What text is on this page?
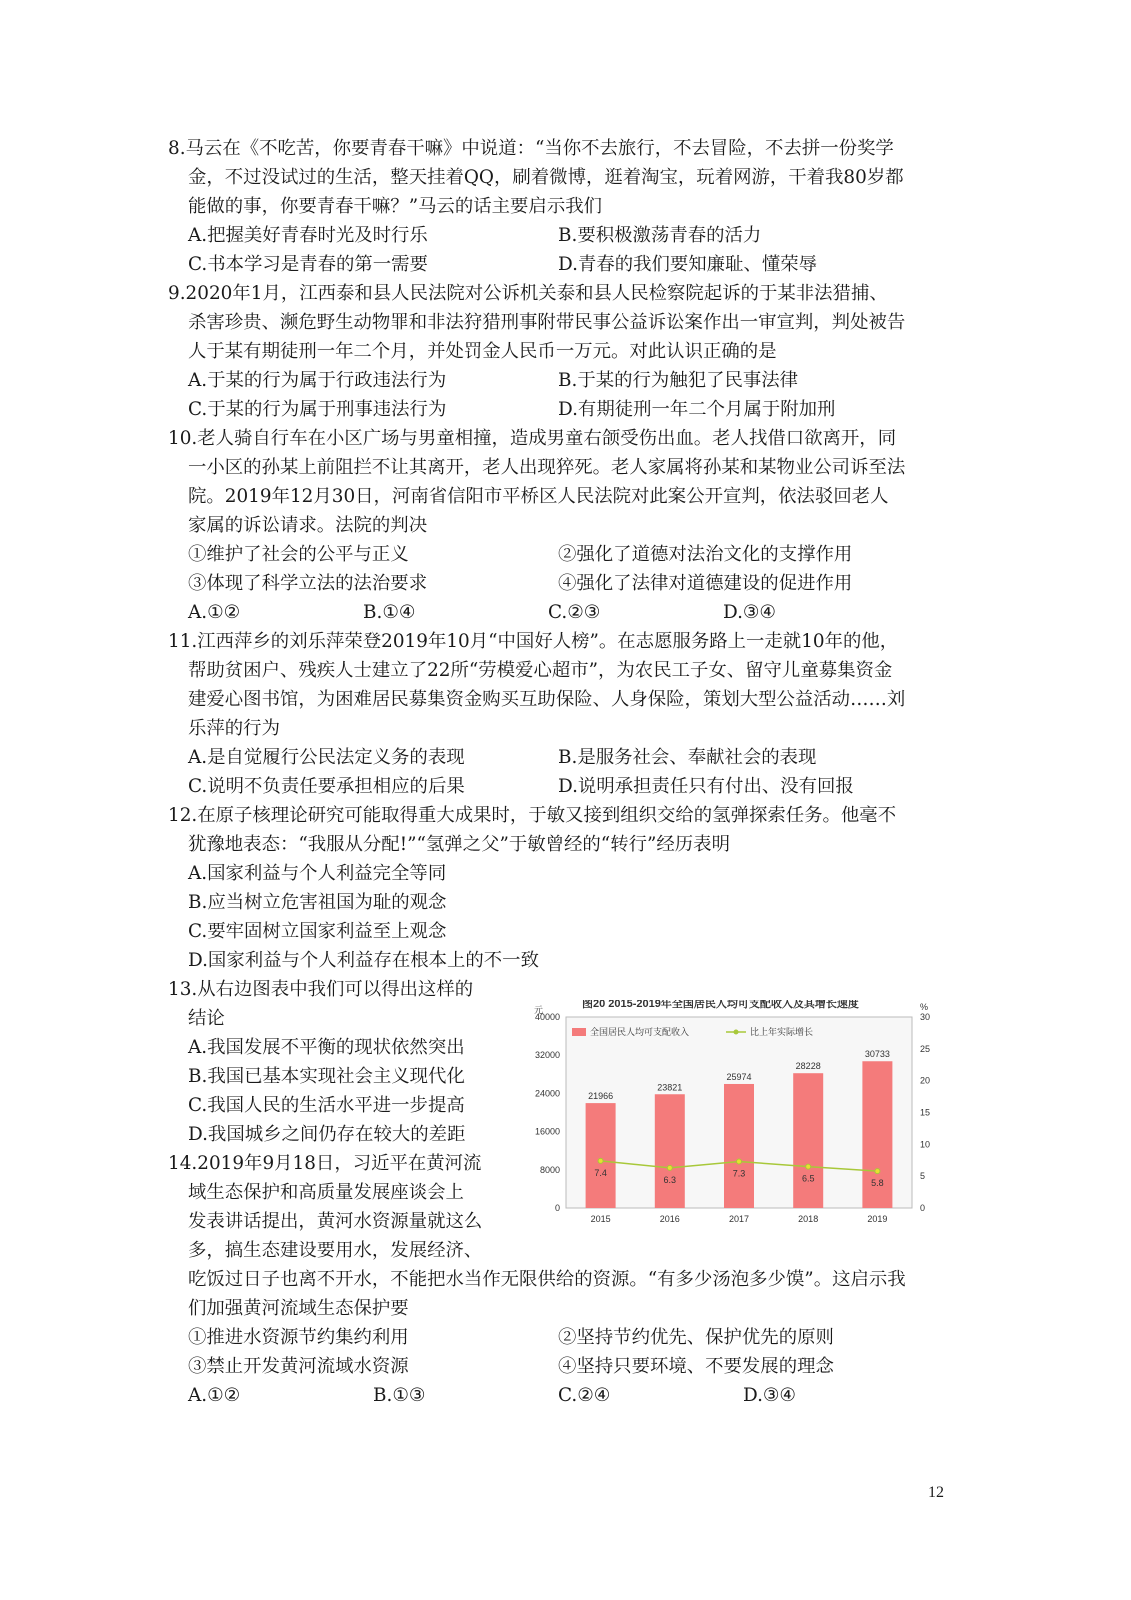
8.马云在《不吃苦，你要青春干嘛》中说道：“当你不去旅行，不去冒险，不去拼一份奖学
金，不过没试过的生活，整天挂着QQ，刷着微博，逛着淘宝，玩着网游，干着我80岁都
能做的事，你要青春干嘛？”马云的话主要启示我们
A.把握美好青春时光及时行乐	B.要积极激荡青春的活力
C.书本学习是青春的第一需要	D.青春的我们要知廉耻、懂荣辱
9.2020年1月，江西泰和县人民法院对公诉机关泰和县人民检察院起诉的于某非法猎捕、
杀害珍贵、濒危野生动物罪和非法狩猎刑事附带民事公益诉讼案作出一审宣判，判处被告
人于某有期徒刑一年二个月，并处罚金人民币一万元。对此认识正确的是
A.于某的行为属于行政违法行为	B.于某的行为触犯了民事法律
C.于某的行为属于刑事违法行为	D.有期徒刑一年二个月属于附加刑
10.老人骑自行车在小区广场与男童相撞，造成男童右颌受伤出血。老人找借口欲离开，同
一小区的孙某上前阻拦不让其离开，老人出现猝死。老人家属将孙某和某物业公司诉至法
院。2019年12月30日，河南省信阳市平桥区人民法院对此案公开宣判，依法驳回老人
家属的诉讼请求。法院的判决
①维护了社会的公平与正义	②强化了道德对法治文化的支撑作用
③体现了科学立法的法治要求	④强化了法律对道德建设的促进作用
A.①②	B.①④	C.②③	D.③④
11.江西萍乡的刘乐萍荣登2019年10月“中国好人榜”。在志愿服务路上一走就10年的他，
帮助贫困户、残疾人士建立了22所“劳模爱心超市”，为农民工子女、留守儿童募集资金
建爱心图书馆，为困难居民募集资金购买互助保险、人身保险，策划大型公益活动……刘
乐萍的行为
A.是自觉履行公民法定义务的表现	B.是服务社会、奉献社会的表现
C.说明不负责任要承担相应的后果	D.说明承担责任只有付出、没有回报
12.在原子核理论研究可能取得重大成果时，于敏又接到组织交给的氢弹探索任务。他毫不
犹豫地表态：“我服从分配!”“氢弹之父”于敏曾经的“转行”经历表明
A.国家利益与个人利益完全等同
B.应当树立危害祖国为耻的观念
C.要牢固树立国家利益至上观念
D.国家利益与个人利益存在根本上的不一致
13.从右边图表中我们可以得出这样的
结论
A.我国发展不平衡的现状依然突出
B.我国已基本实现社会主义现代化
C.我国人民的生活水平进一步提高
D.我国城乡之间仍存在较大的差距
14.2019年9月18日，习近平在黄河流
域生态保护和高质量发展座谈会上
发表讲话提出，黄河水资源量就这么
多，搞生态建设要用水，发展经济、
吃饭过日子也离不开水，不能把水当作无限供给的资源。“有多少汤泡多少馍”。这启示我
们加强黄河流域生态保护要
①推进水资源节约集约利用	②坚持节约优先、保护优先的原则
③禁止开发黄河流域水资源	④坚持只要环境、不要发展的理念
A.①②	B.①③	C.②④	D.③④
图20 2015-2019年全国居民人均可支配收入及其增长速度
元	%
全国居民人均可支配收入	比上年实际增长
0
8000
16000
24000
32000
40000
0
5
10
15
20
25
30
21966
2015
23821
2016
25974
2017
28228
2018
30733
2019
7.4
6.3
7.3
6.5	5.8
12
